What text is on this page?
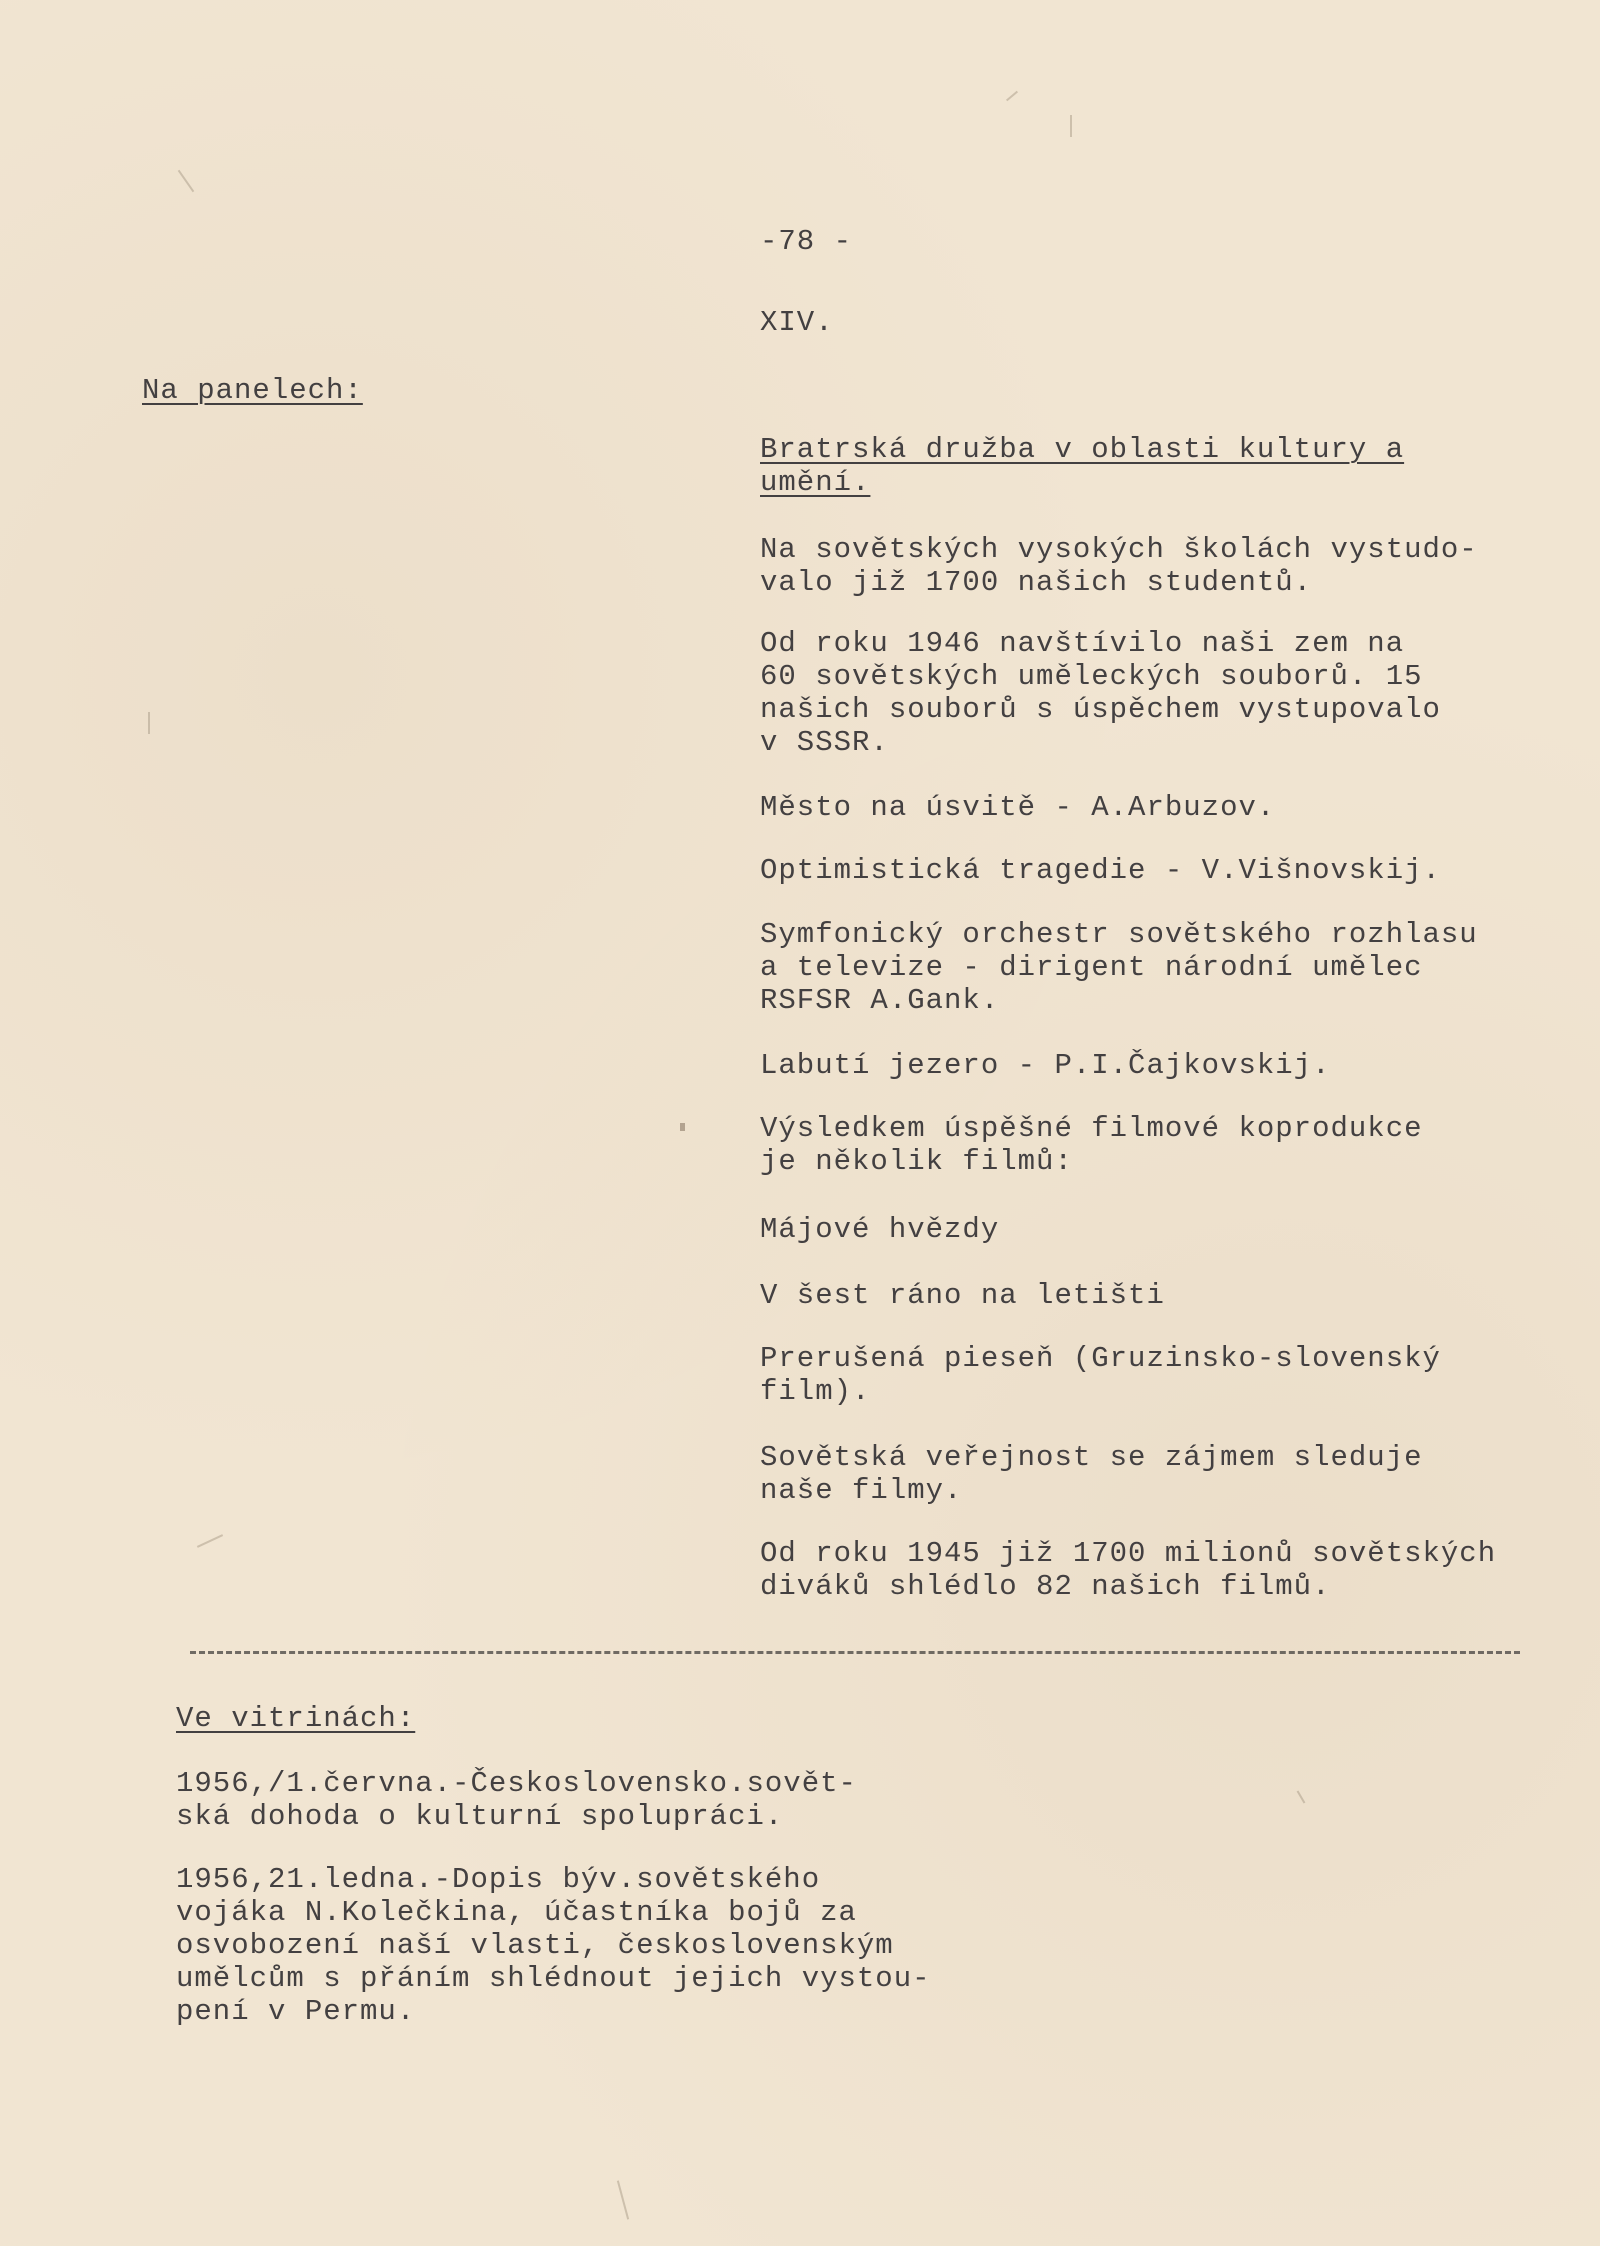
-78 -
XIV.
Na panelech:
Bratrská družba v oblasti kultury a
umění.
Na sovětských vysokých školách vystudo-
valo již 1700 našich studentů.
Od roku 1946 navštívilo naši zem na
60 sovětských uměleckých souborů. 15
našich souborů s úspěchem vystupovalo
v SSSR.
Město na úsvitě - A.Arbuzov.
Optimistická tragedie - V.Višnovskij.
Symfonický orchestr sovětského rozhlasu
a televize - dirigent národní umělec
RSFSR A.Gank.
Labutí jezero - P.I.Čajkovskij.
Výsledkem úspěšné filmové koprodukce
je několik filmů:
Májové hvězdy
V šest ráno na letišti
Prerušená pieseň (Gruzinsko-slovenský
film).
Sovětská veřejnost se zájmem sleduje
naše filmy.
Od roku 1945 již 1700 milionů sovětských
diváků shlédlo 82 našich filmů.
Ve vitrinách:
1956,/1.června.-Československo.sovět-
ská dohoda o kulturní spolupráci.
1956,21.ledna.-Dopis býv.sovětského
vojáka N.Kolečkina, účastníka bojů za
osvobození naší vlasti, československým
umělcům s přáním shlédnout jejich vystou-
pení v Permu.
